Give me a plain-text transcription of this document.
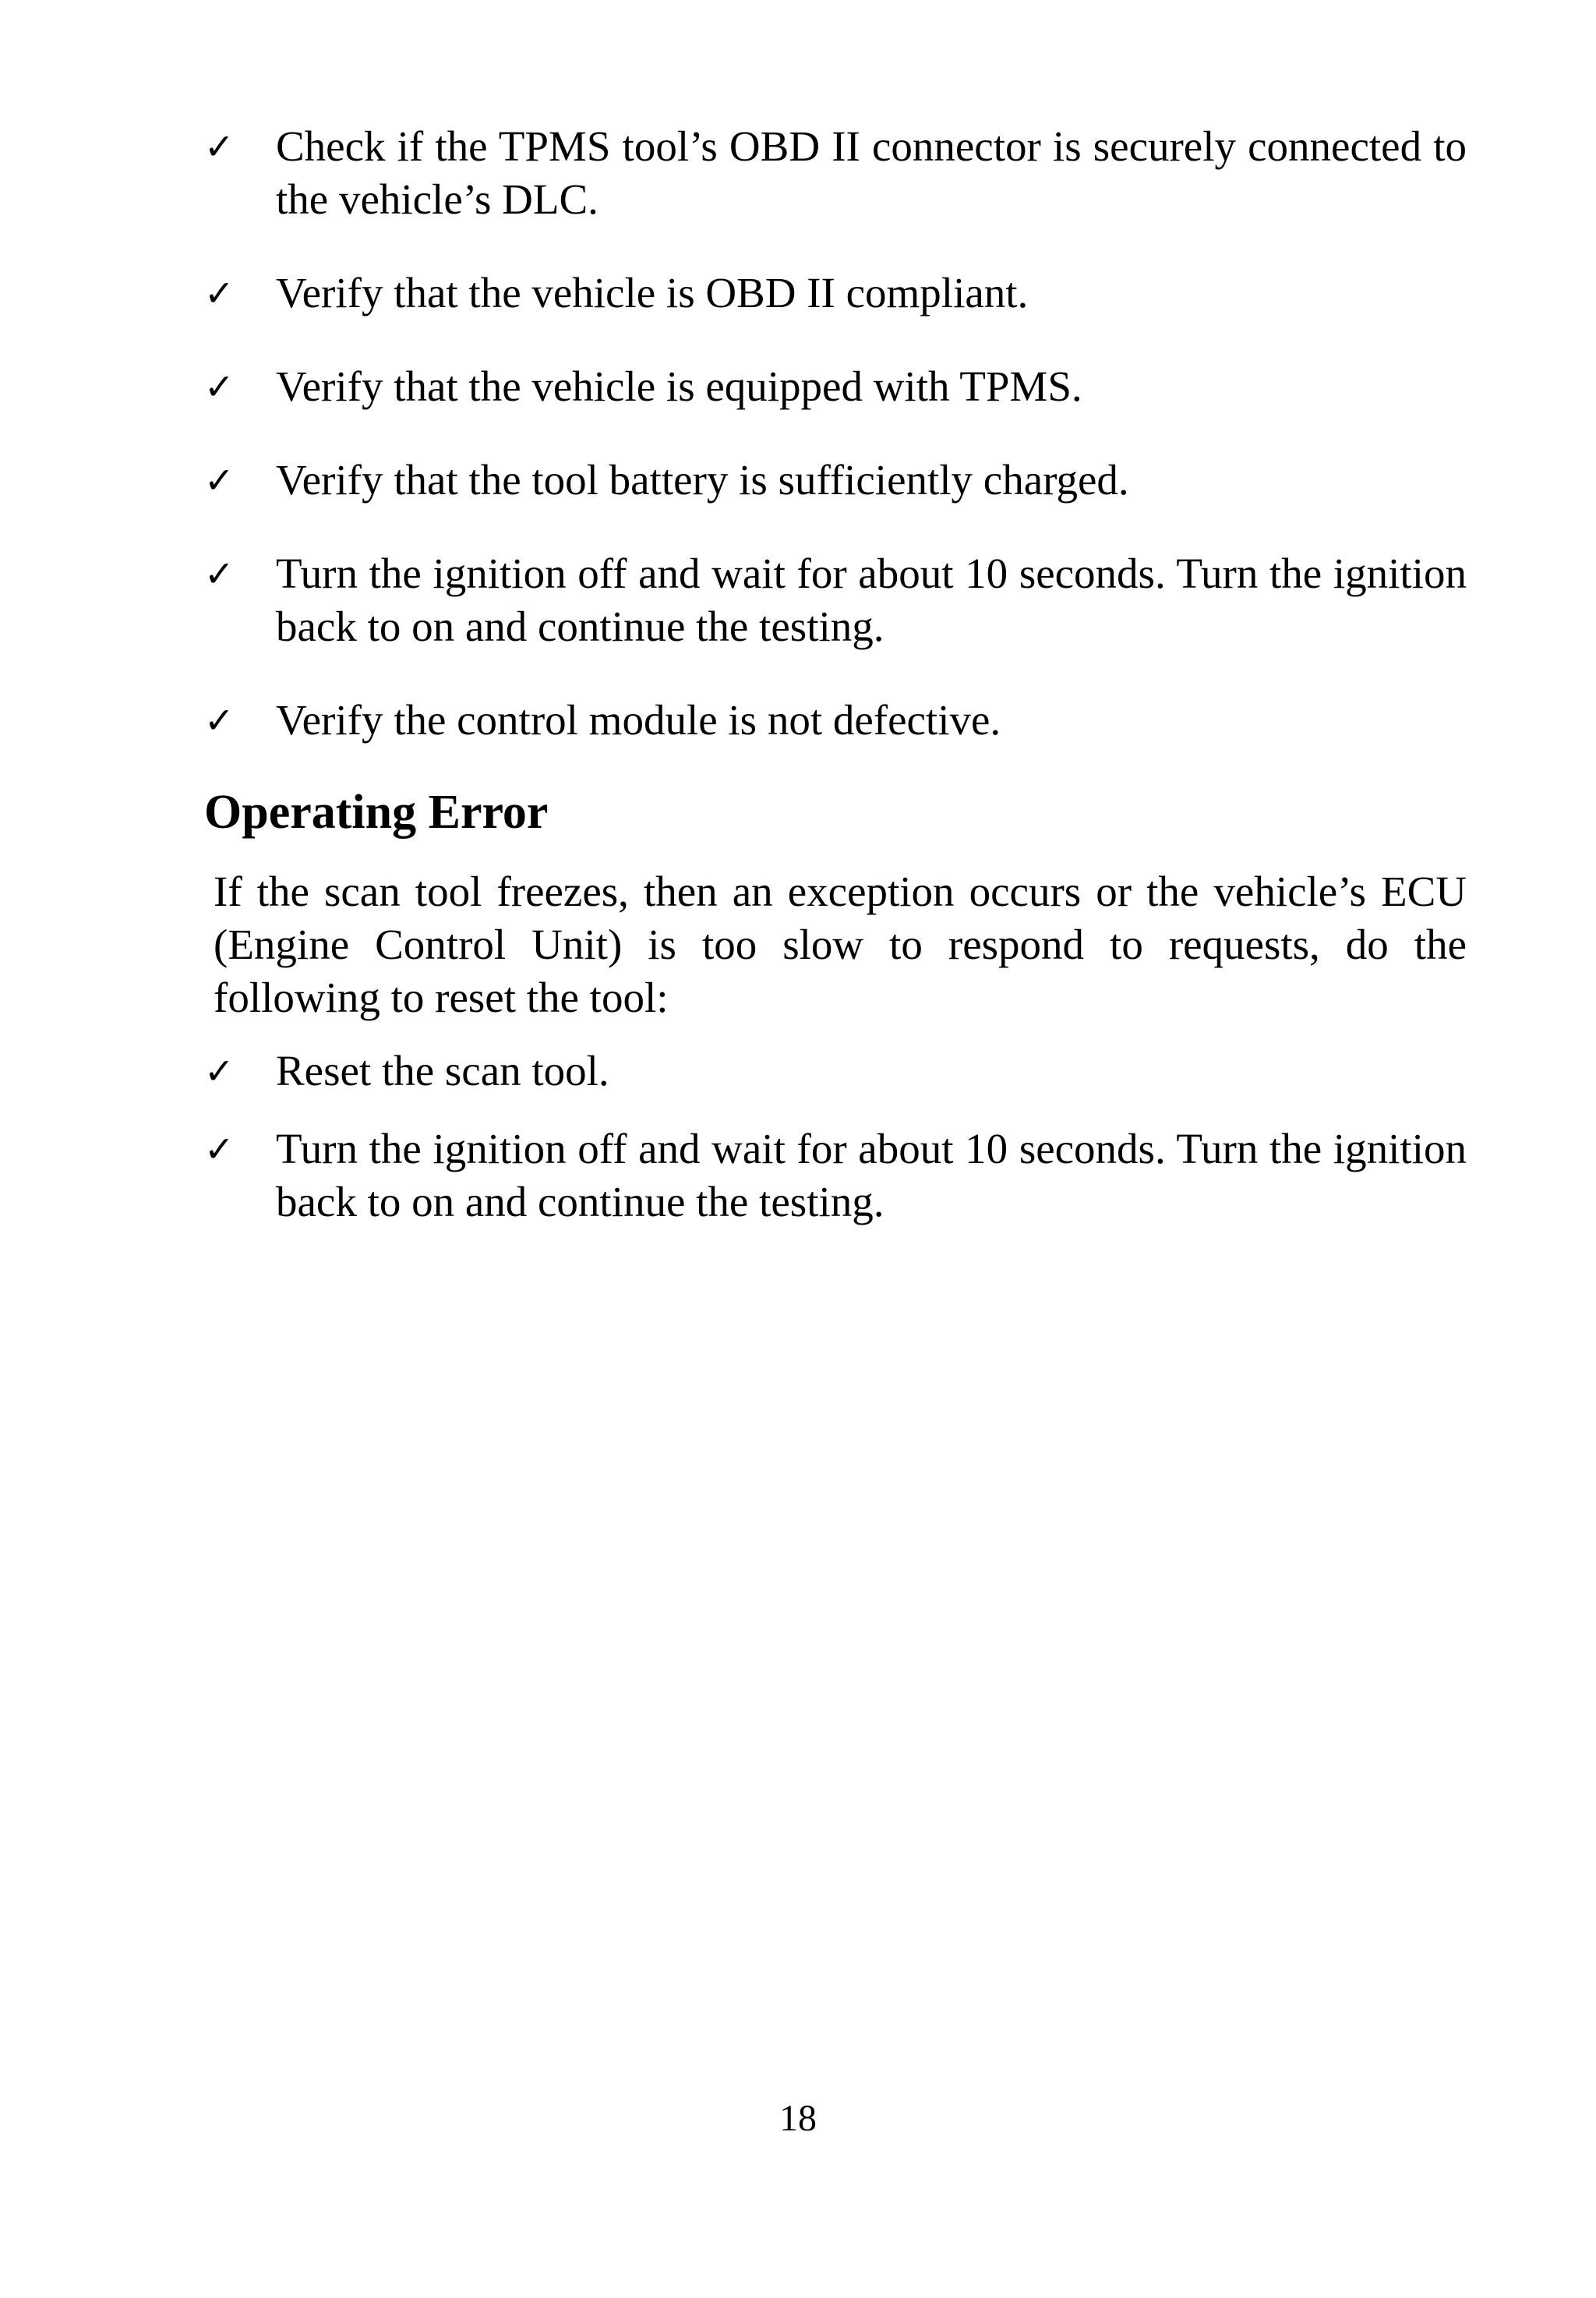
✓ Check if the TPMS tool’s OBD II connector is securely connected to the vehicle’s DLC.
✓ Verify that the vehicle is OBD II compliant.
✓ Verify that the vehicle is equipped with TPMS.
✓ Verify that the tool battery is sufficiently charged.
✓ Turn the ignition off and wait for about 10 seconds. Turn the ignition back to on and continue the testing.
✓ Verify the control module is not defective.
Operating Error

If the scan tool freezes, then an exception occurs or the vehicle’s ECU (Engine Control Unit) is too slow to respond to requests, do the following to reset the tool:

✓ Reset the scan tool.
✓ Turn the ignition off and wait for about 10 seconds. Turn the ignition back to on and continue the testing.
18
